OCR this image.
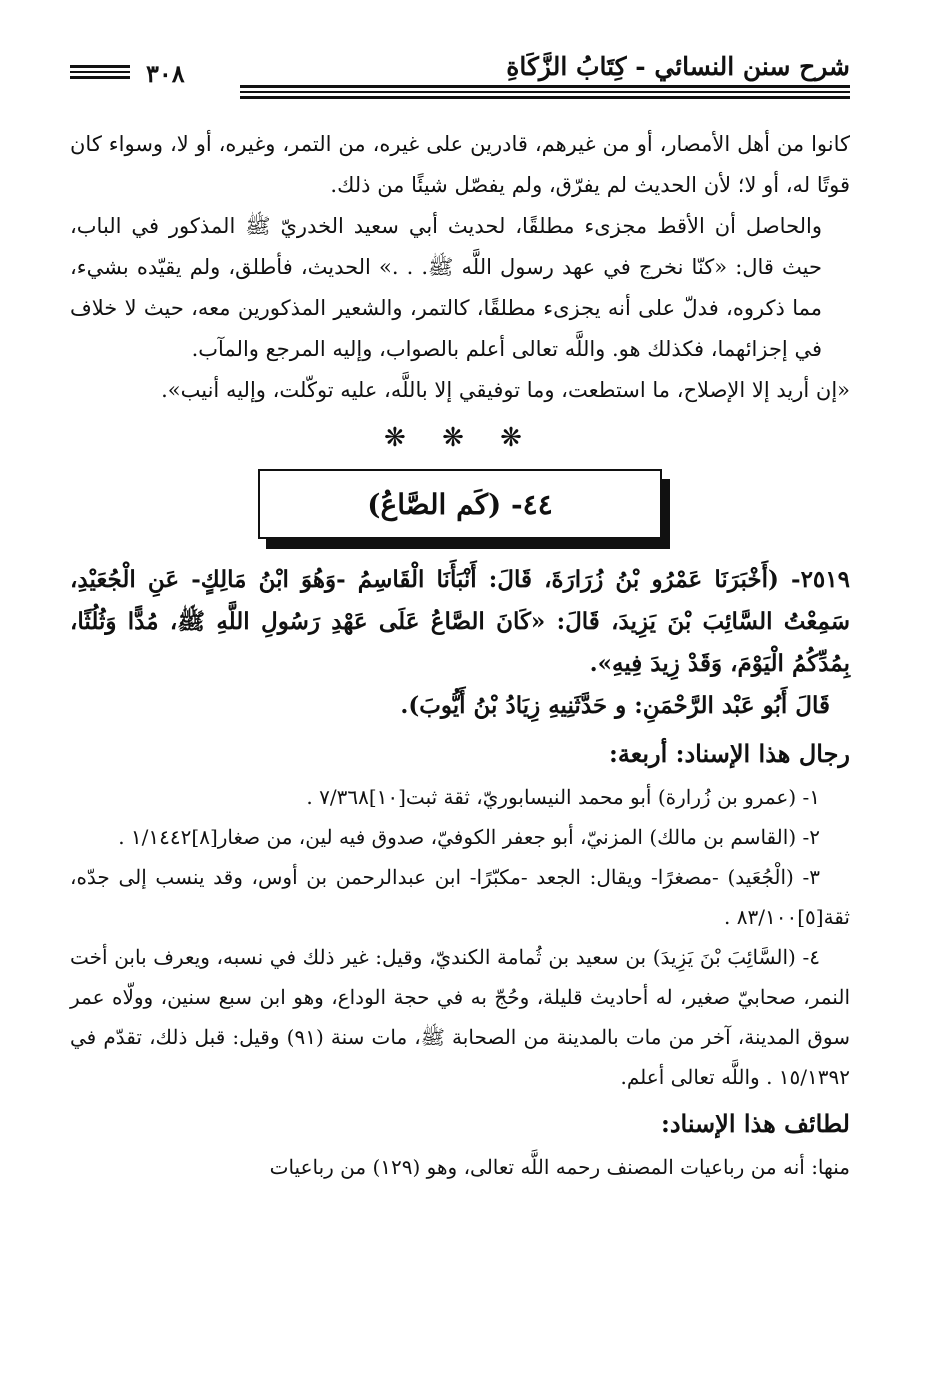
شرح سنن النسائي - كِتَابُ الزَّكَاةِ
٣٠٨

كانوا من أهل الأمصار، أو من غيرهم، قادرين على غيره، من التمر، وغيره، أو لا، وسواء كان قوتًا له، أو لا؛ لأن الحديث لم يفرّق، ولم يفصّل شيئًا من ذلك.

والحاصل أن الأقط مجزىء مطلقًا، لحديث أبي سعيد الخدريّ ﷺ المذكور في الباب، حيث قال: «كنّا نخرج في عهد رسول اللَّه ﷺ. . .» الحديث، فأطلق، ولم يقيّده بشيء، مما ذكروه، فدلّ على أنه يجزىء مطلقًا، كالتمر، والشعير المذكورين معه، حيث لا خلاف في إجزائهما، فكذلك هو. واللَّه تعالى أعلم بالصواب، وإليه المرجع والمآب.

«إن أريد إلا الإصلاح، ما استطعت، وما توفيقي إلا باللَّه، عليه توكّلت، وإليه أنيب».

❋ ❋ ❋
٤٤- (كَم الصَّاعُ)

٢٥١٩- (أَخْبَرَنَا عَمْرُو بْنُ زُرَارَةَ، قَالَ: أَنْبَأَنَا الْقَاسِمُ -وَهُوَ ابْنُ مَالِكٍ- عَنِ الْجُعَيْدِ، سَمِعْتُ السَّائِبَ بْنَ يَزِيدَ، قَالَ: «كَانَ الصَّاعُ عَلَى عَهْدِ رَسُولِ اللَّهِ ﷺ، مُدًّا وَثُلُثًا، بِمُدِّكُمُ الْيَوْمَ، وَقَدْ زِيدَ فِيهِ».

قَالَ أَبُو عَبْد الرَّحْمَنِ: و حَدَّثَنِيهِ زِيَادُ بْنُ أَيُّوبَ).

رجال هذا الإسناد: أربعة:

١- (عمرو بن زُرارة) أبو محمد النيسابوريّ، ثقة ثبت[١٠]٧/٣٦٨ .

٢- (القاسم بن مالك) المزنيّ، أبو جعفر الكوفيّ، صدوق فيه لين، من صغار[٨]١/١٤٤٢ .

٣- (الْجُعَيد) -مصغرًا- ويقال: الجعد -مكبّرًا- ابن عبدالرحمن بن أوس، وقد ينسب إلى جدّه، ثقة[٥]٨٣/١٠٠ .

٤- (السَّائِبَ بْنَ يَزِيدَ) بن سعيد بن ثُمامة الكنديّ، وقيل: غير ذلك في نسبه، ويعرف بابن أخت النمر، صحابيّ صغير، له أحاديث قليلة، وحُجّ به في حجة الوداع، وهو ابن سبع سنين، وولّاه عمر سوق المدينة، آخر من مات بالمدينة من الصحابة ﷺ، مات سنة (٩١) وقيل: قبل ذلك، تقدّم في ١٥/١٣٩٢ . واللَّه تعالى أعلم.

لطائف هذا الإسناد:

منها: أنه من رباعيات المصنف رحمه اللَّه تعالى، وهو (١٢٩) من رباعيات
